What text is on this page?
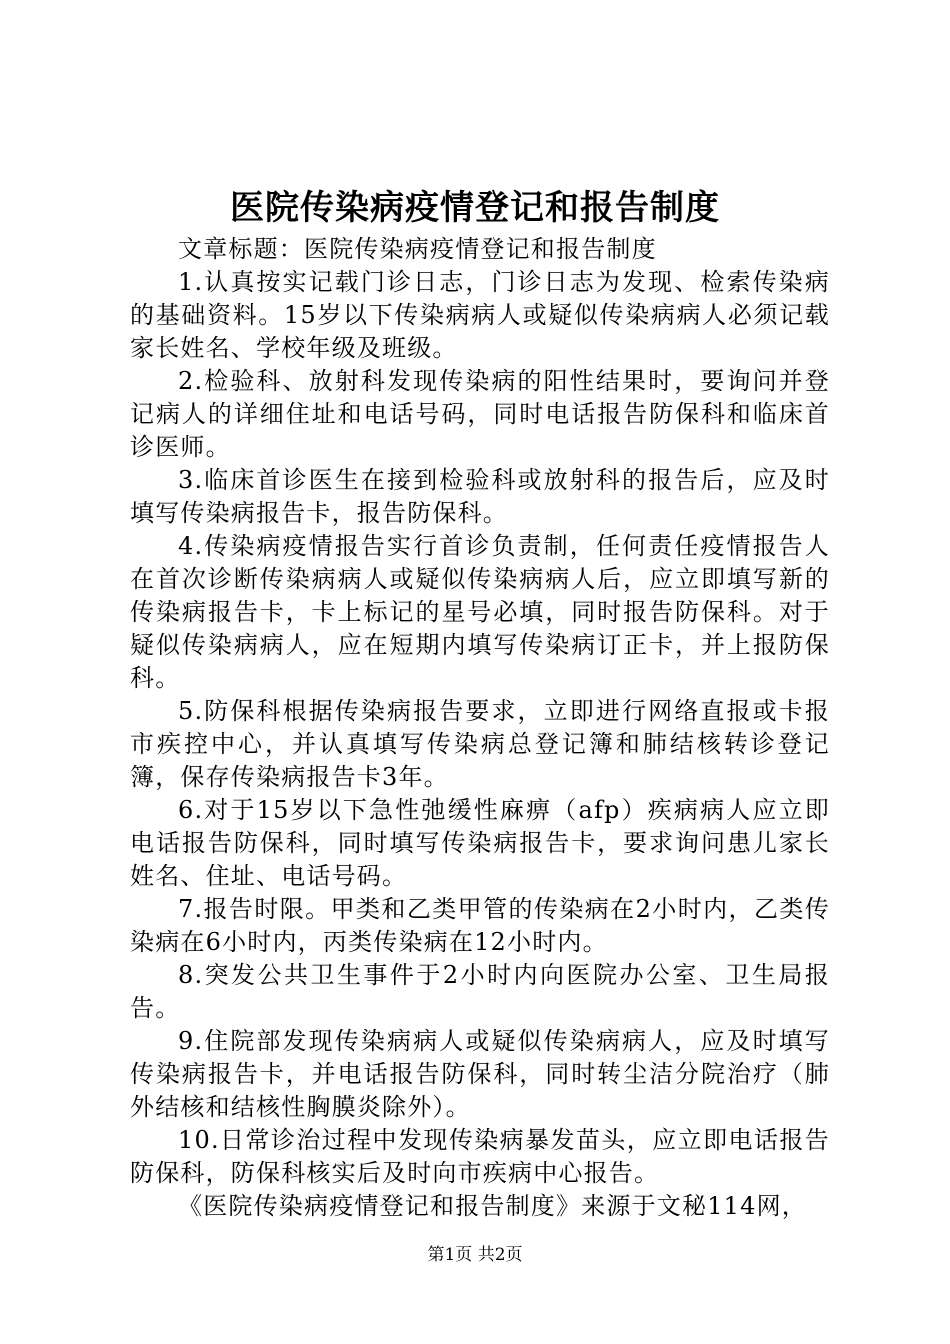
医院传染病疫情登记和报告制度

文章标题：医院传染病疫情登记和报告制度

1.认真按实记载门诊日志，门诊日志为发现、检索传染病的基础资料。15岁以下传染病病人或疑似传染病病人必须记载家长姓名、学校年级及班级。

2.检验科、放射科发现传染病的阳性结果时，要询问并登记病人的详细住址和电话号码，同时电话报告防保科和临床首诊医师。

3.临床首诊医生在接到检验科或放射科的报告后，应及时填写传染病报告卡，报告防保科。

4.传染病疫情报告实行首诊负责制，任何责任疫情报告人在首次诊断传染病病人或疑似传染病病人后，应立即填写新的传染病报告卡，卡上标记的星号必填，同时报告防保科。对于疑似传染病病人，应在短期内填写传染病订正卡，并上报防保科。

5.防保科根据传染病报告要求，立即进行网络直报或卡报市疾控中心，并认真填写传染病总登记簿和肺结核转诊登记簿，保存传染病报告卡3年。

6.对于15岁以下急性弛缓性麻痹（afp）疾病病人应立即电话报告防保科，同时填写传染病报告卡，要求询问患儿家长姓名、住址、电话号码。

7.报告时限。甲类和乙类甲管的传染病在2小时内，乙类传染病在6小时内，丙类传染病在12小时内。

8.突发公共卫生事件于2小时内向医院办公室、卫生局报告。

9.住院部发现传染病病人或疑似传染病病人，应及时填写传染病报告卡，并电话报告防保科，同时转尘洁分院治疗（肺外结核和结核性胸膜炎除外）。

10.日常诊治过程中发现传染病暴发苗头，应立即电话报告防保科，防保科核实后及时向市疾病中心报告。

《医院传染病疫情登记和报告制度》来源于文秘114网，

第1页 共2页
